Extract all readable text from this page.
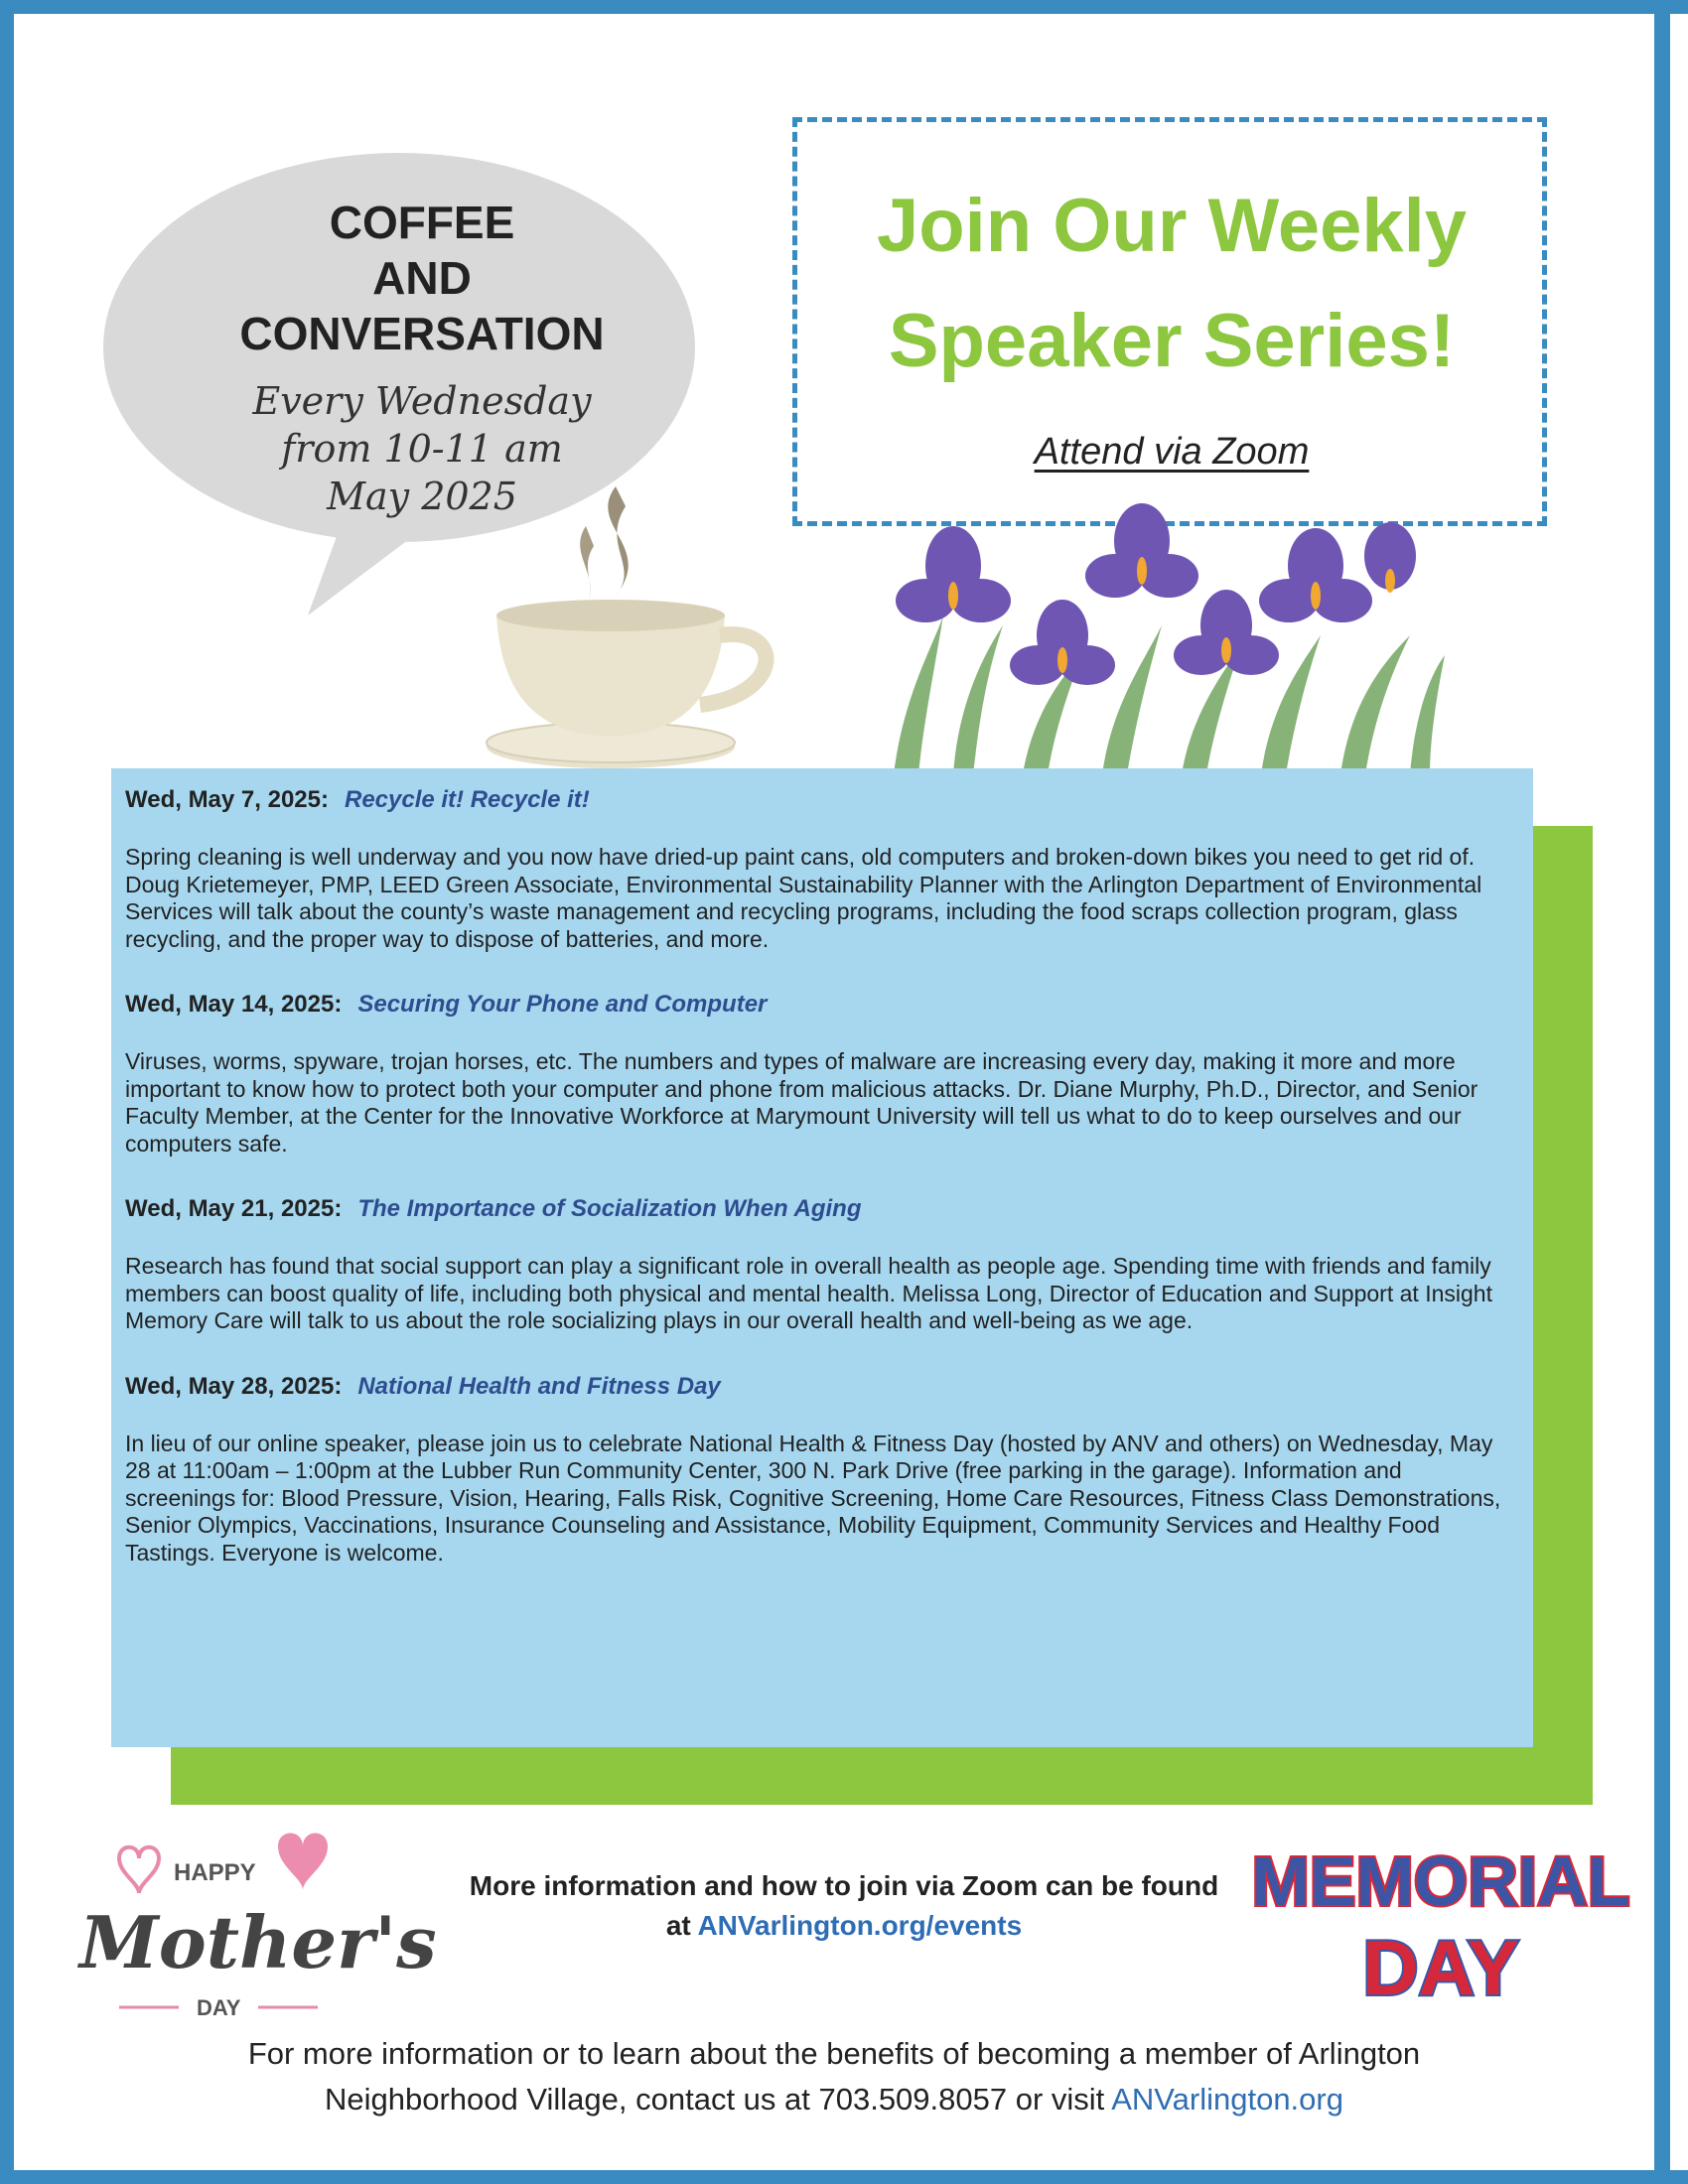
COFFEE
AND
CONVERSATION
Every Wednesday
from 10-11 am
May 2025
Join Our Weekly
Speaker Series!
Attend via Zoom
Wed, May 7, 2025: Recycle it! Recycle it!
Spring cleaning is well underway and you now have dried-up paint cans, old computers and broken-down bikes you need to get rid of. Doug Krietemeyer, PMP, LEED Green Associate, Environmental Sustainability Planner with the Arlington Department of Environmental Services will talk about the county’s waste management and recycling programs, including the food scraps collection program, glass recycling, and the proper way to dispose of batteries, and more.
Wed, May 14, 2025: Securing Your Phone and Computer
Viruses, worms, spyware, trojan horses, etc. The numbers and types of malware are increasing every day, making it more and more important to know how to protect both your computer and phone from malicious attacks. Dr. Diane Murphy, Ph.D., Director, and Senior Faculty Member, at the Center for the Innovative Workforce at Marymount University will tell us what to do to keep ourselves and our computers safe.
Wed, May 21, 2025: The Importance of Socialization When Aging
Research has found that social support can play a significant role in overall health as people age. Spending time with friends and family members can boost quality of life, including both physical and mental health. Melissa Long, Director of Education and Support at Insight Memory Care will talk to us about the role socializing plays in our overall health and well-being as we age.
Wed, May 28, 2025: National Health and Fitness Day
In lieu of our online speaker, please join us to celebrate National Health & Fitness Day (hosted by ANV and others) on Wednesday, May 28 at 11:00am – 1:00pm at the Lubber Run Community Center, 300 N. Park Drive (free parking in the garage). Information and screenings for: Blood Pressure, Vision, Hearing, Falls Risk, Cognitive Screening, Home Care Resources, Fitness Class Demonstrations, Senior Olympics, Vaccinations, Insurance Counseling and Assistance, Mobility Equipment, Community Services and Healthy Food Tastings. Everyone is welcome.
HAPPY
Mother's
DAY
More information and how to join via Zoom can be found
at ANVarlington.org/events
MEMORIAL
DAY
For more information or to learn about the benefits of becoming a member of Arlington
Neighborhood Village, contact us at 703.509.8057 or visit ANVarlington.org
